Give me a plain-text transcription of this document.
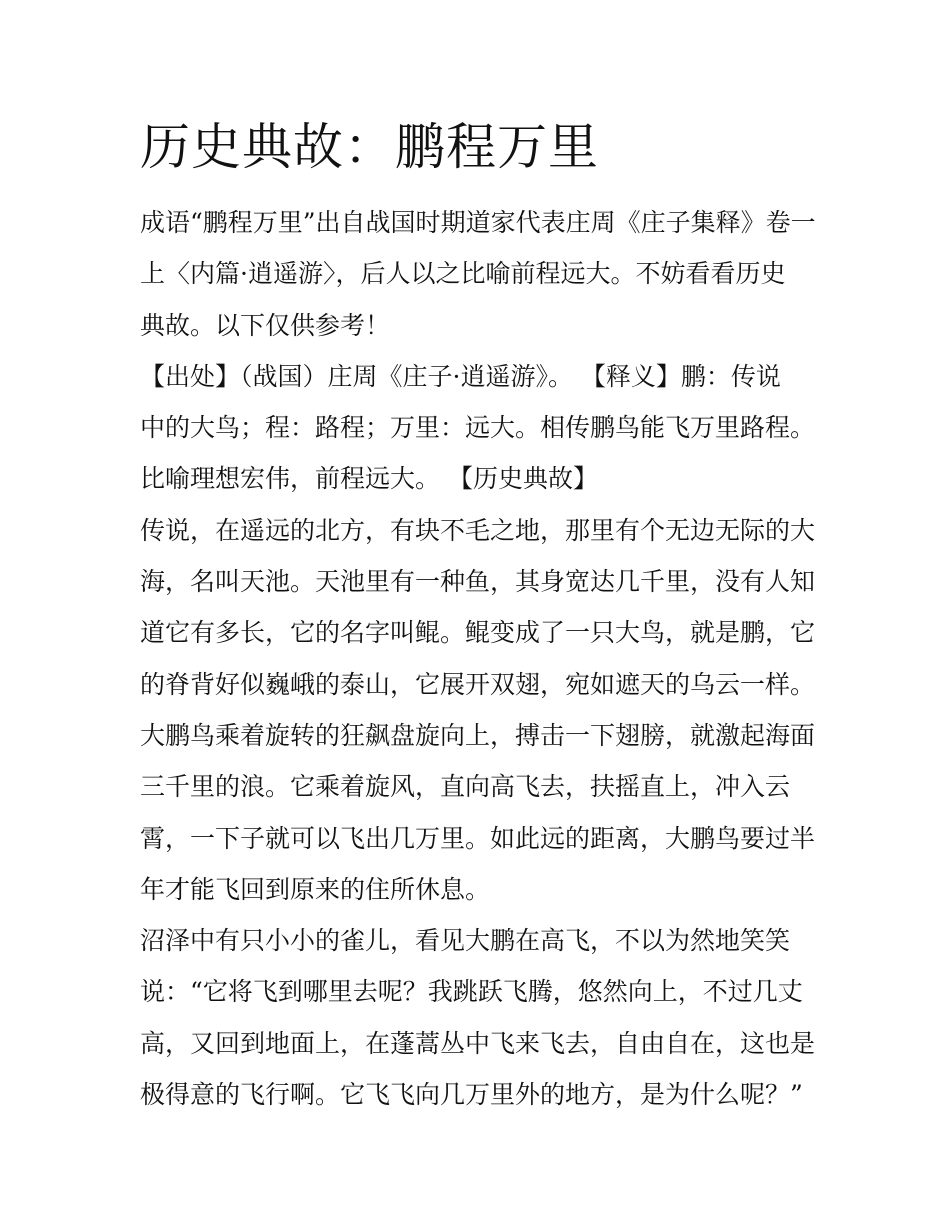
历史典故：鹏程万里

成语“鹏程万里”出自战国时期道家代表庄周《庄子集释》卷一
上〈内篇·逍遥游〉，后人以之比喻前程远大。不妨看看历史
典故。以下仅供参考！

【出处】（战国）庄周《庄子·逍遥游》。 【释义】鹏：传说
中的大鸟；程：路程；万里：远大。相传鹏鸟能飞万里路程。
比喻理想宏伟，前程远大。 【历史典故】

传说，在遥远的北方，有块不毛之地，那里有个无边无际的大
海，名叫天池。天池里有一种鱼，其身宽达几千里，没有人知
道它有多长，它的名字叫鲲。鲲变成了一只大鸟，就是鹏，它
的脊背好似巍峨的泰山，它展开双翅，宛如遮天的乌云一样。
大鹏鸟乘着旋转的狂飙盘旋向上，搏击一下翅膀，就激起海面
三千里的浪。它乘着旋风，直向高飞去，扶摇直上，冲入云
霄，一下子就可以飞出几万里。如此远的距离，大鹏鸟要过半
年才能飞回到原来的住所休息。

沼泽中有只小小的雀儿，看见大鹏在高飞，不以为然地笑笑
说：“它将飞到哪里去呢？我跳跃飞腾，悠然向上，不过几丈
高，又回到地面上，在蓬蒿丛中飞来飞去，自由自在，这也是
极得意的飞行啊。它飞飞向几万里外的地方，是为什么呢？”
